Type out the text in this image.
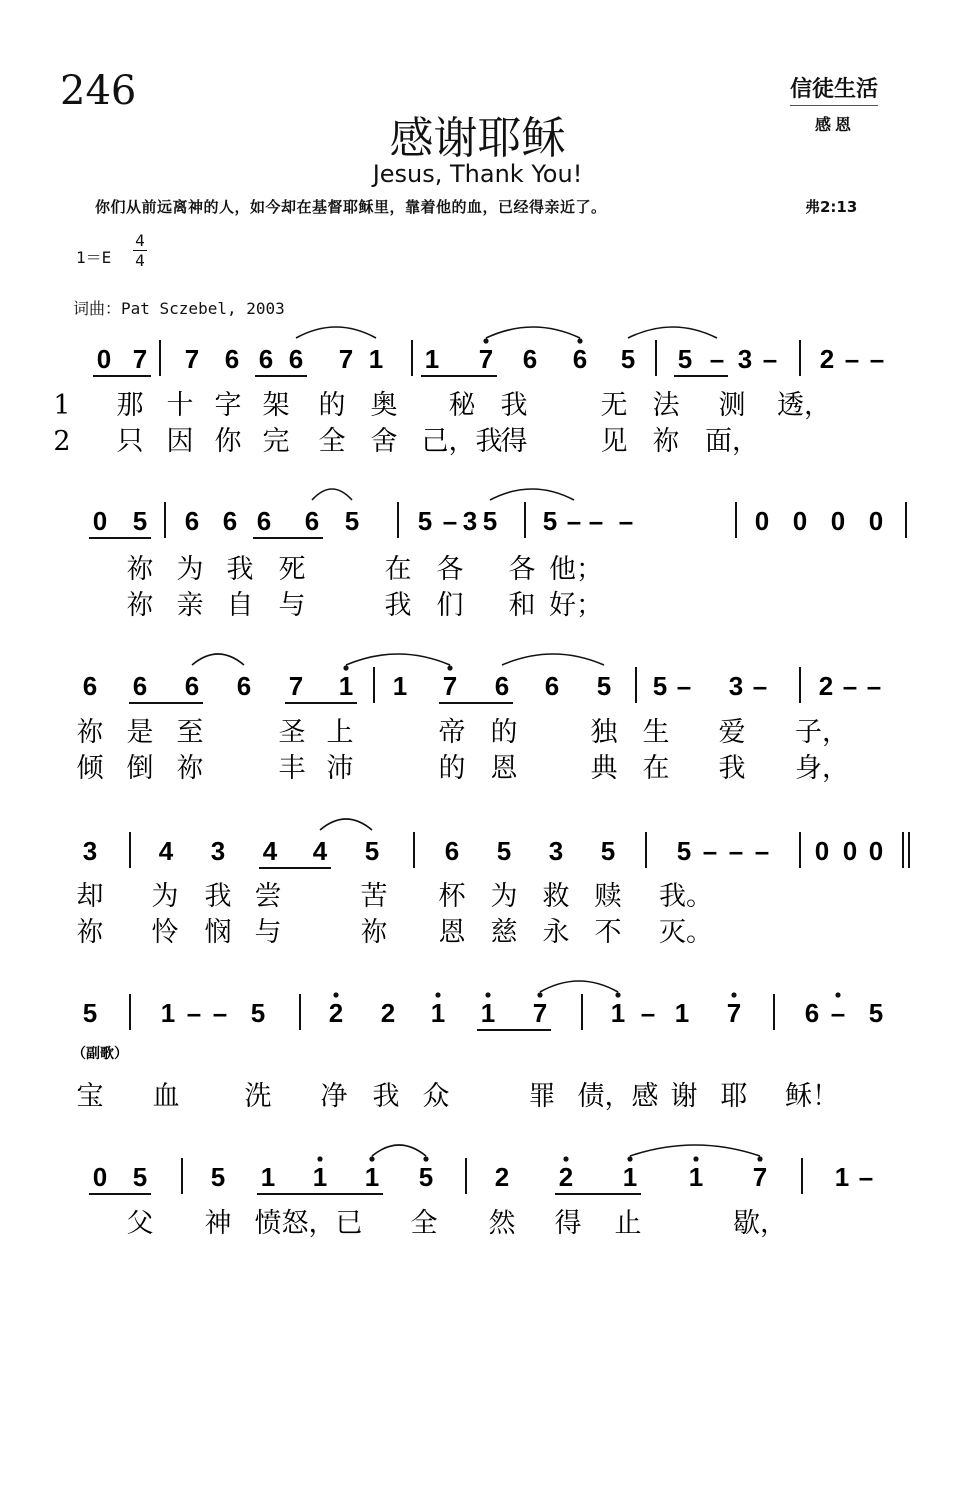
246	信徒生活
感恩
感谢耶稣
Jesus, Thank You!
你们从前远离神的人，如今却在基督耶稣里，靠着他的血，已经得亲近了。	弗2:13
1＝E
4
4
词曲：Pat Sczebel, 2003
0 7 7 6 6 6 7 1 1 7 6 6 5 5 – 3 – 2 – –
1 那 十 字 架 的 奥 秘 我	无 法 测 透，
2 只 因 你 完 全 舍 己，我
得	见 祢 面，
0 5 6 6 6 6 5 5 – 3 5 5 – – –	0 0 0 0
祢 为 我 死	在 各 各 他；
祢 亲 自 与	我 们 和 好；
6 6 6 6 7 1 1 7 6 6 5 5 – 3 – 2 – –
祢 是 至	圣 上	帝 的	独 生 爱 子，
倾 倒 祢	丰 沛	的 恩	典 在 我 身，
3 4 3 4 4 5	6 5 3 5 5 – – – 0 0 0
却 为 我 尝	苦 杯 为 救 赎 我。
祢 怜 悯 与	祢 恩 慈 永 不 灭。
5 1 – – 5 2 2 1 1 7 1 – 1 7 6 – 5
宝 血 洗 净 我 众	罪 债，感 谢 耶 稣！
（副歌）
0 5 5 1 1 1 5 2 2 1 1 7	1 –
父 神 愤 怒，已 全 然 得 止	歇，
